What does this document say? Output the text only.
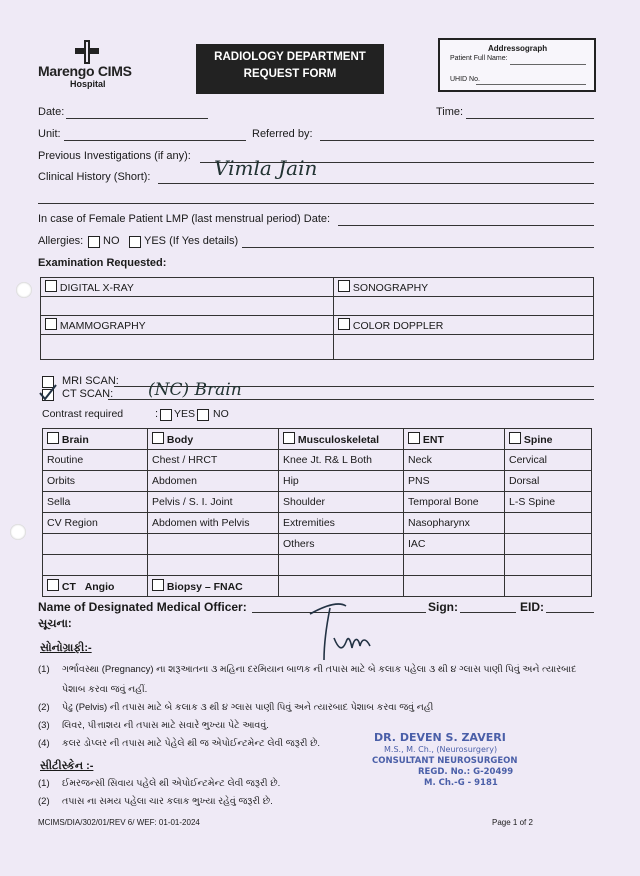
Marengo CIMS
Hospital
RADIOLOGY DEPARTMENT
REQUEST FORM
Addressograph
Patient Full Name:
UHID No.
Date:	Time:
Unit:	Referred by:
Previous Investigations (if any):
Clinical History (Short):	Vimla Jain
In case of Female Patient LMP (last menstrual period) Date:
Allergies: NO YES (If Yes details)
Examination Requested:
DIGITAL X-RAY	SONOGRAPHY

MAMMOGRAPHY	COLOR DOPPLER

MRI SCAN:
CT SCAN: (NC) Brain
Contrast required	: YES NO
Brain	Body	Musculoskeletal	ENT	Spine
Routine	Chest / HRCT	Knee Jt. R& L Both	Neck	Cervical
Orbits	Abdomen	Hip	PNS	Dorsal
Sella	Pelvis / S. I. Joint	Shoulder	Temporal Bone	L-S Spine
CV Region	Abdomen with Pelvis	Extremities	Nasopharynx	
		Others	IAC	

CT Angio	Biopsy – FNAC			
Name of Designated Medical Officer:	Sign:	EID:
સૂચના:
સોનોગ્રાફી:-
(1) ગર્ભાવસ્થા (Pregnancy) ના શરૂઆતના ૩ મહિના દરમિયાન બાળક ની તપાસ માટે બે કલાક પહેલા ૩ થી ૪ ગ્લાસ પાણી પિવું અને ત્યારબાદ
પેશાબ કરવા જવું નહીં.
(2) પેઢુ (Pelvis) ની તપાસ માટે બે કલાક ૩ થી ૪ ગ્લાસ પાણી પિવું અને ત્યારબાદ પેશાબ કરવા જવું નહી
(3) લિવર, પીત્તાશય ની તપાસ માટે સવારે ભુખ્યા પેટે આવવું.
(4) કલર ડોપ્લર ની તપાસ માટે પેહેલે થી જ એપોઈન્ટમેન્ટ લેવી જરૂરી છે.
સીટીસ્કેન :-
(1) ઈમરજન્સી સિવાય પહેલે થી એપોઈન્ટમેન્ટ લેવી જરૂરી છે.
(2) તપાસ ના સમય પહેલા ચાર કલાક ભુખ્યા રહેવું જરૂરી છે.
DR. DEVEN S. ZAVERI
M.S., M. Ch., (Neurosurgery)
CONSULTANT NEUROSURGEON
REGD. No.: G-20499
M. Ch.-G - 9181
MCIMS/DIA/302/01/REV 6/ WEF: 01-01-2024	Page 1 of 2
